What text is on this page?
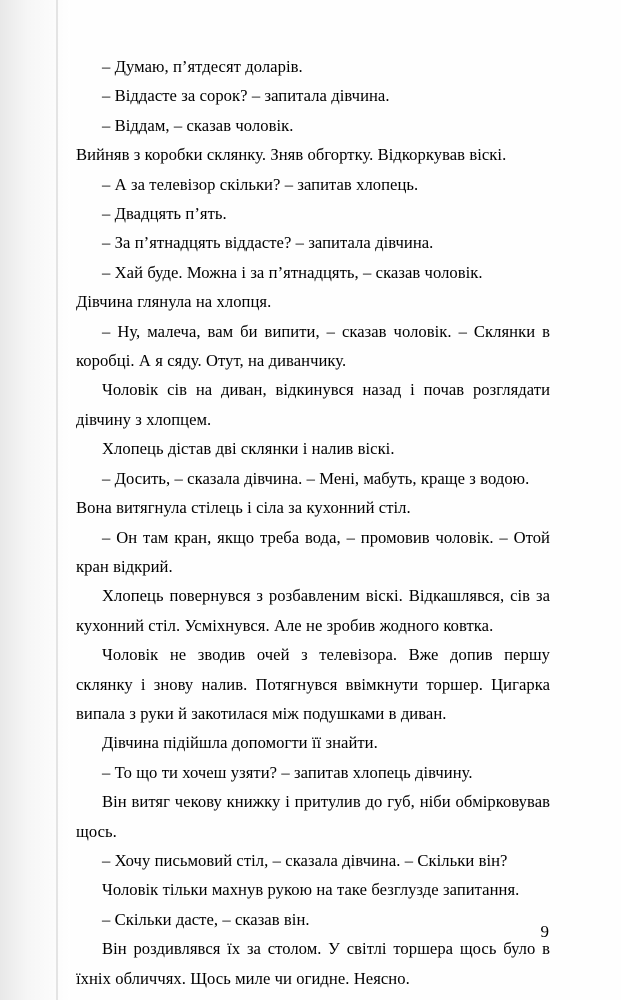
– Думаю, п’ятдесят доларів.

– Віддасте за сорок? – запитала дівчина.

– Віддам, – сказав чоловік.

Вийняв з коробки склянку. Зняв обгортку. Відкоркував віскі.

– А за телевізор скільки? – запитав хлопець.

– Двадцять п’ять.

– За п’ятнадцять віддасте? – запитала дівчина.

– Хай буде. Можна і за п’ятнадцять, – сказав чоловік.

Дівчина глянула на хлопця.

– Ну, малеча, вам би випити, – сказав чоловік. – Склянки в коробці. А я сяду. Отут, на диванчику.

Чоловік сів на диван, відкинувся назад і почав розглядати дівчину з хлопцем.

Хлопець дістав дві склянки і налив віскі.

– Досить, – сказала дівчина. – Мені, мабуть, краще з водою.

Вона витягнула стілець і сіла за кухонний стіл.

– Он там кран, якщо треба вода, – промовив чоловік. – Отой кран відкрий.

Хлопець повернувся з розбавленим віскі. Відкашлявся, сів за кухонний стіл. Усміхнувся. Але не зробив жодного ковтка.

Чоловік не зводив очей з телевізора. Вже допив першу склянку і знову налив. Потягнувся ввімкнути торшер. Цигарка випала з руки й закотилася між подушками в диван.

Дівчина підійшла допомогти її знайти.

– То що ти хочеш узяти? – запитав хлопець дівчину.

Він витяг чекову книжку і притулив до губ, ніби обмірковував щось.

– Хочу письмовий стіл, – сказала дівчина. – Скільки він?

Чоловік тільки махнув рукою на таке безглузде запитання.

– Скільки дасте, – сказав він.

Він роздивлявся їх за столом. У світлі торшера щось було в їхніх обличчях. Щось миле чи огидне. Неясно.

9
